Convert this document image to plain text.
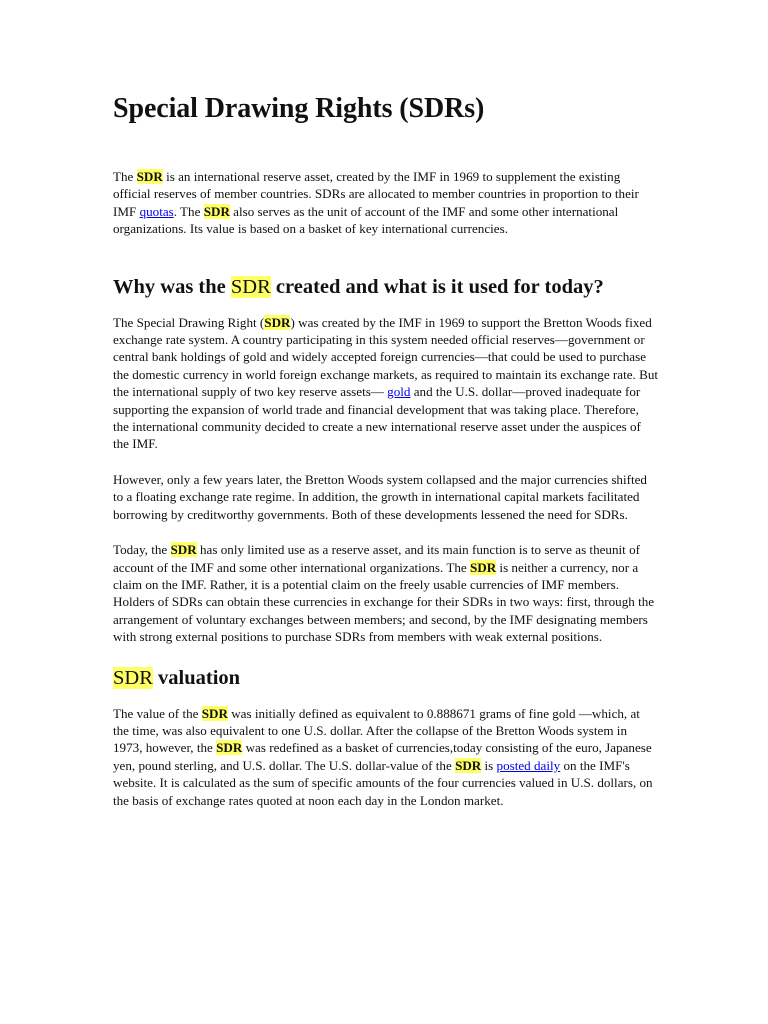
Special Drawing Rights (SDRs)

The SDR is an international reserve asset, created by the IMF in 1969 to supplement the existing official reserves of member countries. SDRs are allocated to member countries in proportion to their IMF quotas. The SDR also serves as the unit of account of the IMF and some other international organizations. Its value is based on a basket of key international currencies.

Why was the SDR created and what is it used for today?

The Special Drawing Right (SDR) was created by the IMF in 1969 to support the Bretton Woods fixed exchange rate system. A country participating in this system needed official reserves—government or central bank holdings of gold and widely accepted foreign currencies—that could be used to purchase the domestic currency in world foreign exchange markets, as required to maintain its exchange rate. But the international supply of two key reserve assets— gold and the U.S. dollar—proved inadequate for supporting the expansion of world trade and financial development that was taking place. Therefore, the international community decided to create a new international reserve asset under the auspices of the IMF.

However, only a few years later, the Bretton Woods system collapsed and the major currencies shifted to a floating exchange rate regime. In addition, the growth in international capital markets facilitated borrowing by creditworthy governments. Both of these developments lessened the need for SDRs.

Today, the SDR has only limited use as a reserve asset, and its main function is to serve as theunit of account of the IMF and some other international organizations. The SDR is neither a currency, nor a claim on the IMF. Rather, it is a potential claim on the freely usable currencies of IMF members. Holders of SDRs can obtain these currencies in exchange for their SDRs in two ways: first, through the arrangement of voluntary exchanges between members; and second, by the IMF designating members with strong external positions to purchase SDRs from members with weak external positions.

SDR valuation

The value of the SDR was initially defined as equivalent to 0.888671 grams of fine gold —which, at the time, was also equivalent to one U.S. dollar. After the collapse of the Bretton Woods system in 1973, however, the SDR was redefined as a basket of currencies,today consisting of the euro, Japanese yen, pound sterling, and U.S. dollar. The U.S. dollar-value of the SDR is posted daily on the IMF's website. It is calculated as the sum of specific amounts of the four currencies valued in U.S. dollars, on the basis of exchange rates quoted at noon each day in the London market.
